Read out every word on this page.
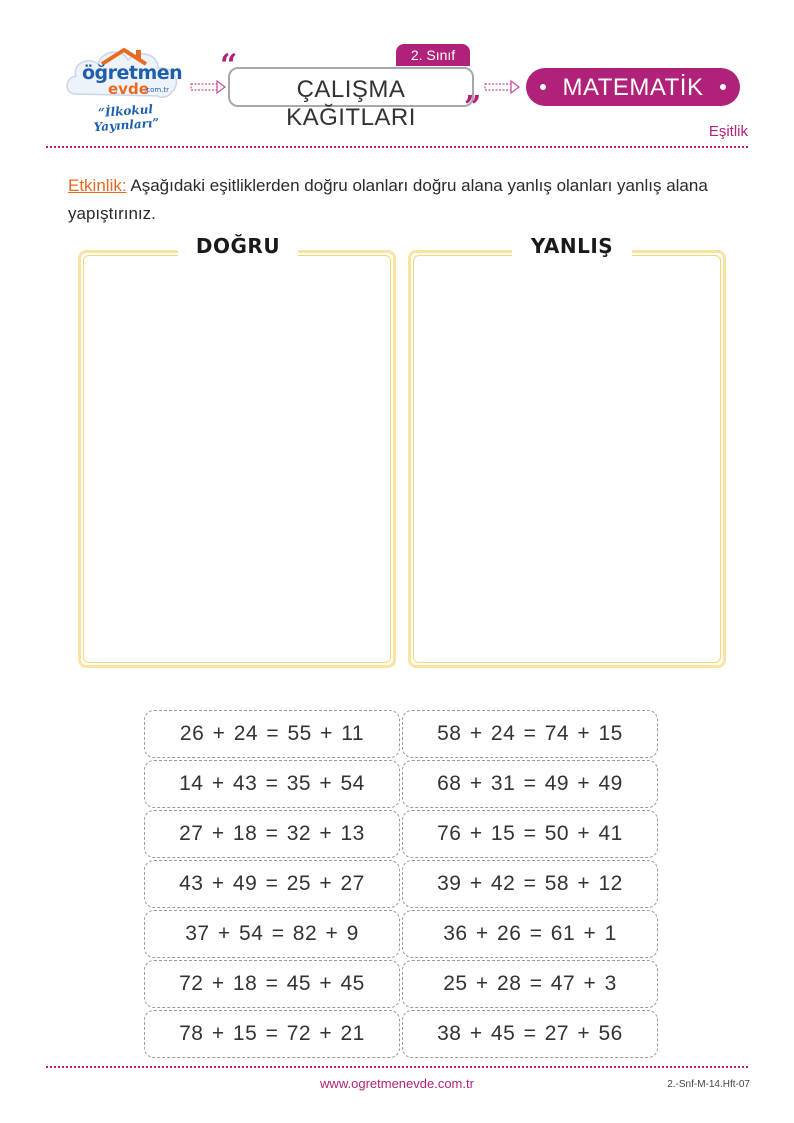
öğretmen
evde
.com.tr
“İlkokul Yayınları”
2. Sınıf
ÇALIŞMA KAĞITLARI
“
”
MATEMATİK
Eşitlik
Etkinlik: Aşağıdaki eşitliklerden doğru olanları doğru alana yanlış olanları yanlış alana yapıştırınız.
DOĞRU	YANLIŞ
26 + 24 = 55 + 11	58 + 24 = 74 + 15
14 + 43 = 35 + 54	68 + 31 = 49 + 49
27 + 18 = 32 + 13	76 + 15 = 50 + 41
43 + 49 = 25 + 27	39 + 42 = 58 + 12
37 + 54 = 82 + 9	36 + 26 = 61 + 1
72 + 18 = 45 + 45	25 + 28 = 47 + 3
78 + 15 = 72 + 21	38 + 45 = 27 + 56
www.ogretmenevde.com.tr	2.-Snf-M-14.Hft-07
